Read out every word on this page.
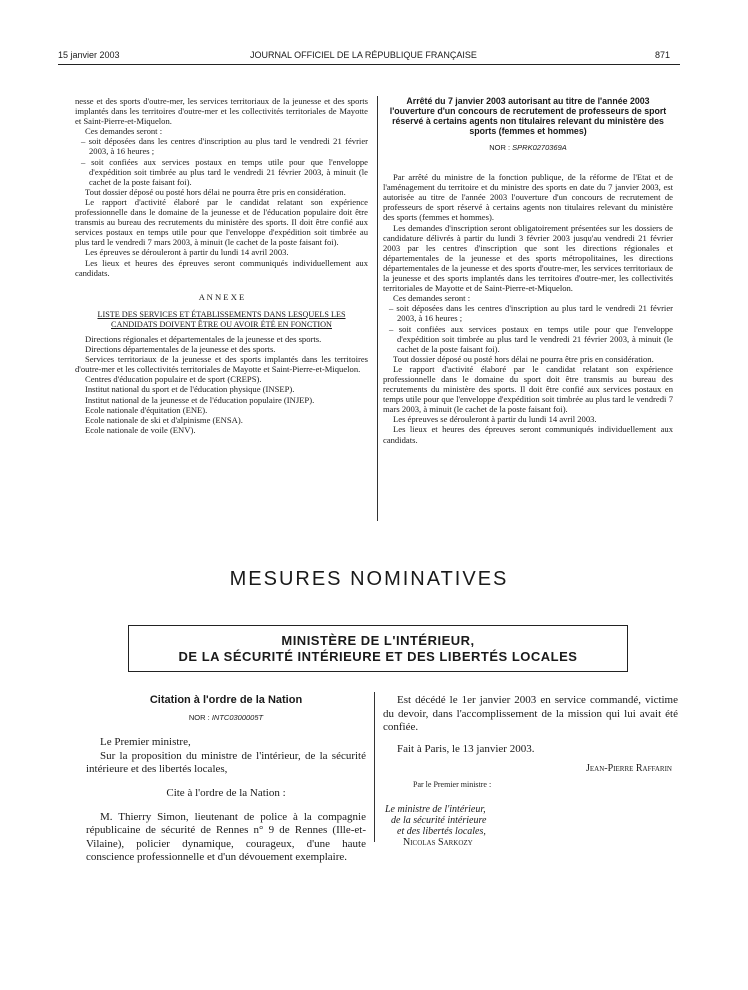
15 janvier 2003	JOURNAL OFFICIEL DE LA RÉPUBLIQUE FRANÇAISE	871

nesse et des sports d'outre-mer, les services territoriaux de la jeunesse et des sports implantés dans les territoires d'outre-mer et les collectivités territoriales de Mayotte et Saint-Pierre-et-Miquelon.

Ces demandes seront :

– soit déposées dans les centres d'inscription au plus tard le vendredi 21 février 2003, à 16 heures ;

– soit confiées aux services postaux en temps utile pour que l'enveloppe d'expédition soit timbrée au plus tard le vendredi 21 février 2003, à minuit (le cachet de la poste faisant foi).

Tout dossier déposé ou posté hors délai ne pourra être pris en considération.

Le rapport d'activité élaboré par le candidat relatant son expérience professionnelle dans le domaine de la jeunesse et de l'éducation populaire doit être transmis au bureau des recrutements du ministère des sports. Il doit être confié aux services postaux en temps utile pour que l'enveloppe d'expédition soit timbrée au plus tard le vendredi 7 mars 2003, à minuit (le cachet de la poste faisant foi).

Les épreuves se dérouleront à partir du lundi 14 avril 2003.

Les lieux et heures des épreuves seront communiqués individuellement aux candidats.

A N N E X E

LISTE DES SERVICES ET ÉTABLISSEMENTS DANS LESQUELS LES CANDIDATS DOIVENT ÊTRE OU AVOIR ÉTÉ EN FONCTION

Directions régionales et départementales de la jeunesse et des sports.

Directions départementales de la jeunesse et des sports.

Services territoriaux de la jeunesse et des sports implantés dans les territoires d'outre-mer et les collectivités territoriales de Mayotte et Saint-Pierre-et-Miquelon.

Centres d'éducation populaire et de sport (CREPS).

Institut national du sport et de l'éducation physique (INSEP).

Institut national de la jeunesse et de l'éducation populaire (INJEP).

Ecole nationale d'équitation (ENE).

Ecole nationale de ski et d'alpinisme (ENSA).

Ecole nationale de voile (ENV).

Arrêté du 7 janvier 2003 autorisant au titre de l'année 2003 l'ouverture d'un concours de recrutement de professeurs de sport réservé à certains agents non titulaires relevant du ministère des sports (femmes et hommes)
NOR : SPRK0270369A

Par arrêté du ministre de la fonction publique, de la réforme de l'Etat et de l'aménagement du territoire et du ministre des sports en date du 7 janvier 2003, est autorisée au titre de l'année 2003 l'ouverture d'un concours de recrutement de professeurs de sport réservé à certains agents non titulaires relevant du ministère des sports (femmes et hommes).

Les demandes d'inscription seront obligatoirement présentées sur les dossiers de candidature délivrés à partir du lundi 3 février 2003 jusqu'au vendredi 21 février 2003 par les centres d'inscription que sont les directions régionales et départementales de la jeunesse et des sports métropolitaines, les directions départementales de la jeunesse et des sports d'outre-mer, les services territoriaux de la jeunesse et des sports implantés dans les territoires d'outre-mer, les collectivités territoriales de Mayotte et de Saint-Pierre-et-Miquelon.

Ces demandes seront :

– soit déposées dans les centres d'inscription au plus tard le vendredi 21 février 2003, à 16 heures ;

– soit confiées aux services postaux en temps utile pour que l'enveloppe d'expédition soit timbrée au plus tard le vendredi 21 février 2003, à minuit (le cachet de la poste faisant foi).

Tout dossier déposé ou posté hors délai ne pourra être pris en considération.

Le rapport d'activité élaboré par le candidat relatant son expérience professionnelle dans le domaine du sport doit être transmis au bureau des recrutements du ministère des sports. Il doit être confié aux services postaux en temps utile pour que l'enveloppe d'expédition soit timbrée au plus tard le vendredi 7 mars 2003, à minuit (le cachet de la poste faisant foi).

Les épreuves se dérouleront à partir du lundi 14 avril 2003.

Les lieux et heures des épreuves seront communiqués individuellement aux candidats.

MESURES NOMINATIVES
MINISTÈRE DE L'INTÉRIEUR,
DE LA SÉCURITÉ INTÉRIEURE ET DES LIBERTÉS LOCALES
Citation à l'ordre de la Nation
NOR : INTC0300005T

Le Premier ministre,

Sur la proposition du ministre de l'intérieur, de la sécurité intérieure et des libertés locales,

Cite à l'ordre de la Nation :

M. Thierry Simon, lieutenant de police à la compagnie républicaine de sécurité de Rennes n° 9 de Rennes (Ille-et-Vilaine), policier dynamique, courageux, d'une haute conscience professionnelle et d'un dévouement exemplaire.

Est décédé le 1er janvier 2003 en service commandé, victime du devoir, dans l'accomplissement de la mission qui lui avait été confiée.

Fait à Paris, le 13 janvier 2003.

Jean-Pierre Raffarin
Par le Premier ministre :
Le ministre de l'intérieur,
de la sécurité intérieure
et des libertés locales,
Nicolas Sarkozy
